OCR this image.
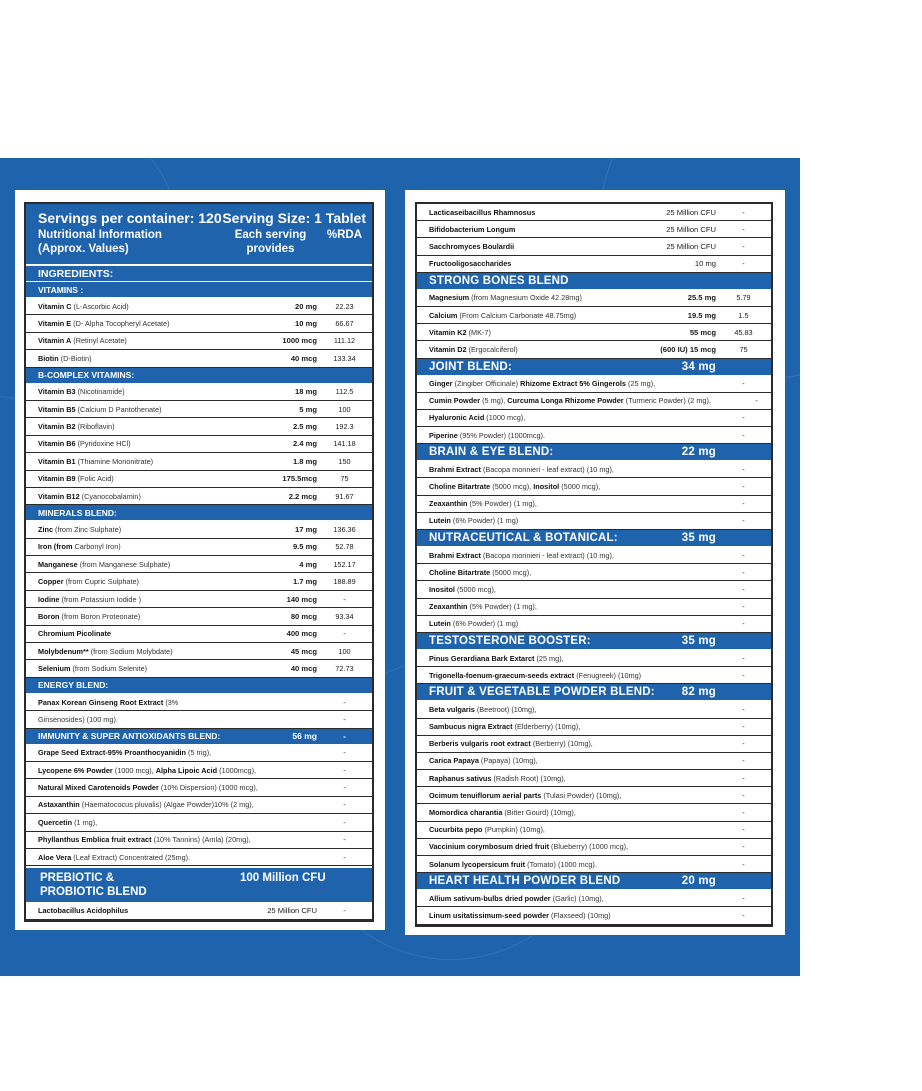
Servings per container: 120 Serving Size: 1 Tablet
Nutritional Information
(Approx. Values)
Each serving
provides
%RDA
INGREDIENTS:
VITAMINS :
Vitamin C (L-Ascorbic Acid)	20 mg	22.23
Vitamin E (D- Alpha Tocopheryl Acetate)	10 mg	66.67
Vitamin A (Retinyl Acetate)	1000 mcg	111.12
Biotin (D-Biotin)	40 mcg	133.34
B-COMPLEX VITAMINS:
Vitamin B3 (Nicotinamide)	18 mg	112.5
Vitamin B5 (Calcium D Pantothenate)	5 mg	100
Vitamin B2 (Riboflavin)	2.5 mg	192.3
Vitamin B6 (Pyridoxine HCl)	2.4 mg	141.18
Vitamin B1 (Thiamine Mononitrate)	1.8 mg	150
Vitamin B9 (Folic Acid)	175.5mcg	75
Vitamin B12 (Cyanocobalamin)	2.2 mcg	91.67
MINERALS BLEND:
Zinc (from Zinc Sulphate)	17 mg	136.36
Iron (from Carbonyl Iron)	9.5 mg	52.78
Manganese (from Manganese Sulphate)	4 mg	152.17
Copper (from Cupric Sulphate)	1.7 mg	188.89
Iodine (from Potassium Iodide )	140 mcg	-
Boron (from Boron Proteonate)	80 mcg	93.34
Chromium Picolinate	400 mcg	-
Molybdenum** (from Sodium Molybdate)	45 mcg	100
Selenium (from Sodium Selenite)	40 mcg	72.73
ENERGY BLEND:
Panax Korean Ginseng Root Extract (3%	-
Ginsenosides) (100 mg).	-
IMMUNITY & SUPER ANTIOXIDANTS BLEND:	56 mg	-
Grape Seed Extract-95% Proanthocyanidin (5 mg),	-
Lycopene 6% Powder (1000 mcg), Alpha Lipoic Acid (1000mcg),	-
Natural Mixed Carotenoids Powder (10% Dispersion) (1000 mcg),	-
Astaxanthin (Haematococus pluvalis) (Algae Powder)10% (2 mg),	-
Quercetin (1 mg),	-
Phyllanthus Emblica fruit extract (10% Tannins) (Amla) (20mg),	-
Aloe Vera (Leaf Extract) Concentrated (25mg).	-
PREBIOTIC &
PROBIOTIC BLEND
100 Million CFU
Lactobacillus Acidophilus	25 Million CFU	-
Lacticaseibacillus Rhamnosus	25 Million CFU	-
Bifidobacterium Longum	25 Million CFU	-
Sacchromyces Boulardii	25 Million CFU	-
Fructooligosaccharides	10 mg	-
STRONG BONES BLEND
Magnesium (from Magnesium Oxide 42.28mg)	25.5 mg	5.79
Calcium (From Calcium Carbonate 48.75mg)	19.5 mg	1.5
Vitamin K2 (MK-7)	55 mcg	45.83
Vitamin D2 (Ergocalciferol)	(600 IU) 15 mcg	75
JOINT BLEND:	34 mg
Ginger (Zingiber Officinale) Rhizome Extract 5% Gingerols (25 mg),	-
Cumin Powder (5 mg), Curcuma Longa Rhizome Powder (Turmeric Powder) (2 mg),	-
Hyaluronic Acid (1000 mcg),	-
Piperine (95% Powder) (1000mcg).	-
BRAIN & EYE BLEND:	22 mg
Brahmi Extract (Bacopa monnieri - leaf extract) (10 mg),	-
Choline Bitartrate (5000 mcg), Inositol (5000 mcg),	-
Zeaxanthin (5% Powder) (1 mg),	-
Lutein (6% Powder) (1 mg)	-
NUTRACEUTICAL & BOTANICAL:	35 mg
Brahmi Extract (Bacopa monnieri - leaf extract) (10 mg),	-
Choline Bitartrate (5000 mcg),	-
Inositol (5000 mcg),	-
Zeaxanthin (5% Powder) (1 mg),	-
Lutein (6% Powder) (1 mg)	-
TESTOSTERONE BOOSTER:	35 mg
Pinus Gerardiana Bark Extarct (25 mg),	-
Trigonella-foenum-graecum-seeds extract (Fenugreek) (10mg)	-
FRUIT & VEGETABLE POWDER BLEND:	82 mg
Beta vulgaris (Beetroot) (10mg),	-
Sambucus nigra Extract (Elderberry) (10mg),	-
Berberis vulgaris root extract (Berberry) (10mg),	-
Carica Papaya (Papaya) (10mg),	-
Raphanus sativus (Radish Root) (10mg),	-
Ocimum tenuiflorum aerial parts (Tulasi Powder) (10mg),	-
Momordica charantia (Bitter Gourd) (10mg),	-
Cucurbita pepo (Pumpkin) (10mg),	-
Vaccinium corymbosum dried fruit (Blueberry) (1000 mcg),	-
Solanum lycopersicum fruit (Tomato) (1000 mcg).	-
HEART HEALTH POWDER BLEND	20 mg
Allium sativum-bulbs dried powder (Garlic) (10mg),	-
Linum usitatissimum-seed powder (Flaxseed) (10mg)	-
